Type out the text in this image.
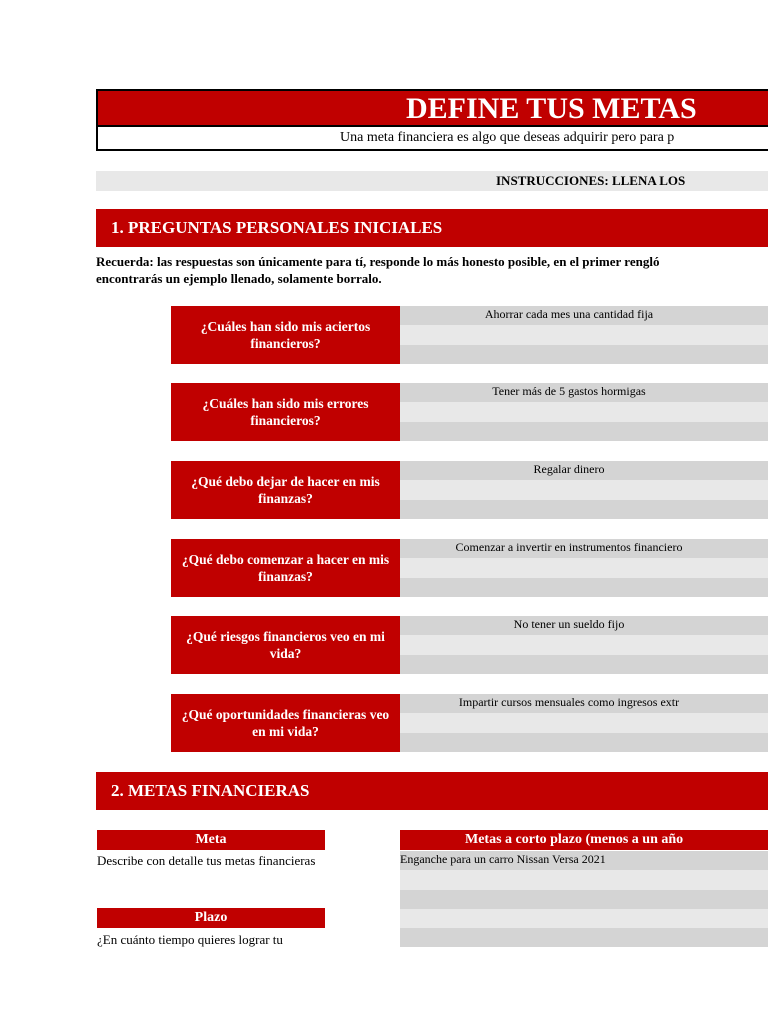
DEFINE TUS METAS
Una meta financiera es algo que deseas adquirir pero para p
INSTRUCCIONES: LLENA LOS
1. PREGUNTAS PERSONALES INICIALES
Recuerda: las respuestas son únicamente para tí, responde lo más honesto posible, en el primer rengló
encontrarás un ejemplo llenado, solamente borralo.
¿Cuáles han sido mis aciertos financieros?
Ahorrar cada mes una cantidad fija
¿Cuáles han sido mis errores financieros?
Tener más de 5 gastos hormigas
¿Qué debo dejar de hacer en mis finanzas?
Regalar dinero
¿Qué debo comenzar a hacer en mis finanzas?
Comenzar a invertir en instrumentos financiero
¿Qué riesgos financieros veo en mi vida?
No tener un sueldo fijo
¿Qué oportunidades financieras veo en mi vida?
Impartir cursos mensuales como ingresos extr
2. METAS FINANCIERAS
Meta
Describe con detalle tus metas financieras
Plazo
¿En cuánto tiempo quieres lograr tu
Metas a corto plazo (menos a un año
Enganche para un carro Nissan Versa 2021
